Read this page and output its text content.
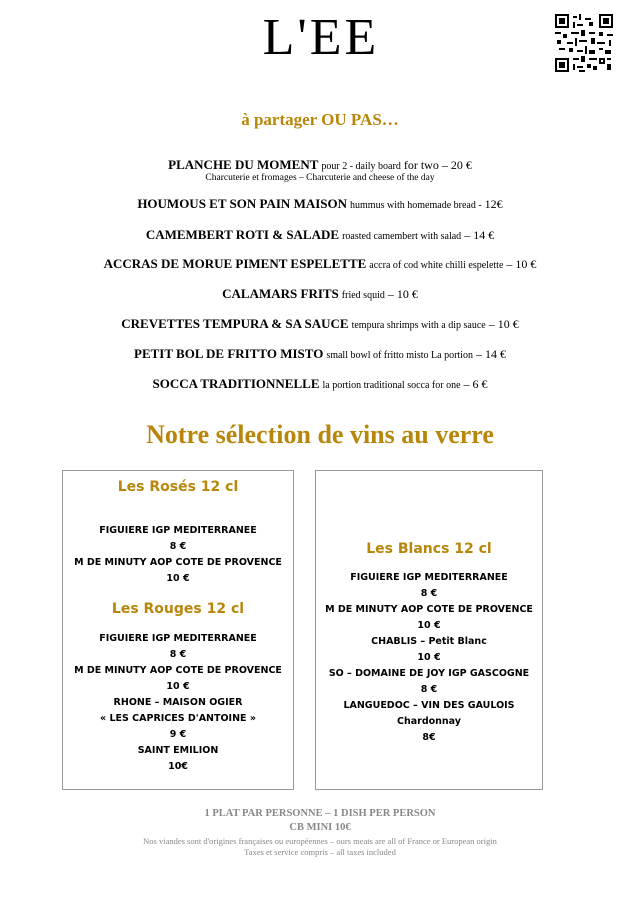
L'EE
à partager OU PAS…
PLANCHE DU MOMENT pour 2 - daily board for two – 20 €
Charcuterie et fromages – Charcuterie and cheese of the day
HOUMOUS ET SON PAIN MAISON hummus with homemade bread - 12€
CAMEMBERT ROTI & SALADE roasted camembert with salad – 14 €
ACCRAS DE MORUE PIMENT ESPELETTE accra of cod white chilli espelette – 10 €
CALAMARS FRITS fried squid – 10 €
CREVETTES TEMPURA & SA SAUCE tempura shrimps with a dip sauce – 10 €
PETIT BOL DE FRITTO MISTO small bowl of fritto misto La portion – 14 €
SOCCA TRADITIONNELLE la portion traditional socca for one – 6 €
Notre sélection de vins au verre
Les Rosés 12 cl
FIGUIERE IGP MEDITERRANEE
8 €
M DE MINUTY AOP COTE DE PROVENCE
10 €
Les Rouges 12 cl
FIGUIERE IGP MEDITERRANEE
8 €
M DE MINUTY AOP COTE DE PROVENCE
10 €
RHONE – MAISON OGIER
« LES CAPRICES D'ANTOINE »
9 €
SAINT EMILION
10€
Les Blancs 12 cl
FIGUIERE IGP MEDITERRANEE
8 €
M DE MINUTY AOP COTE DE PROVENCE
10 €
CHABLIS – Petit Blanc
10 €
SO – DOMAINE DE JOY IGP GASCOGNE
8 €
LANGUEDOC – VIN DES GAULOIS
Chardonnay
8€
1 PLAT PAR PERSONNE – 1 DISH PER PERSON
CB MINI 10€
Nos viandes sont d'origines françaises ou européennes – ours meats are all of France or European origin
Taxes et service compris – all taxes included
